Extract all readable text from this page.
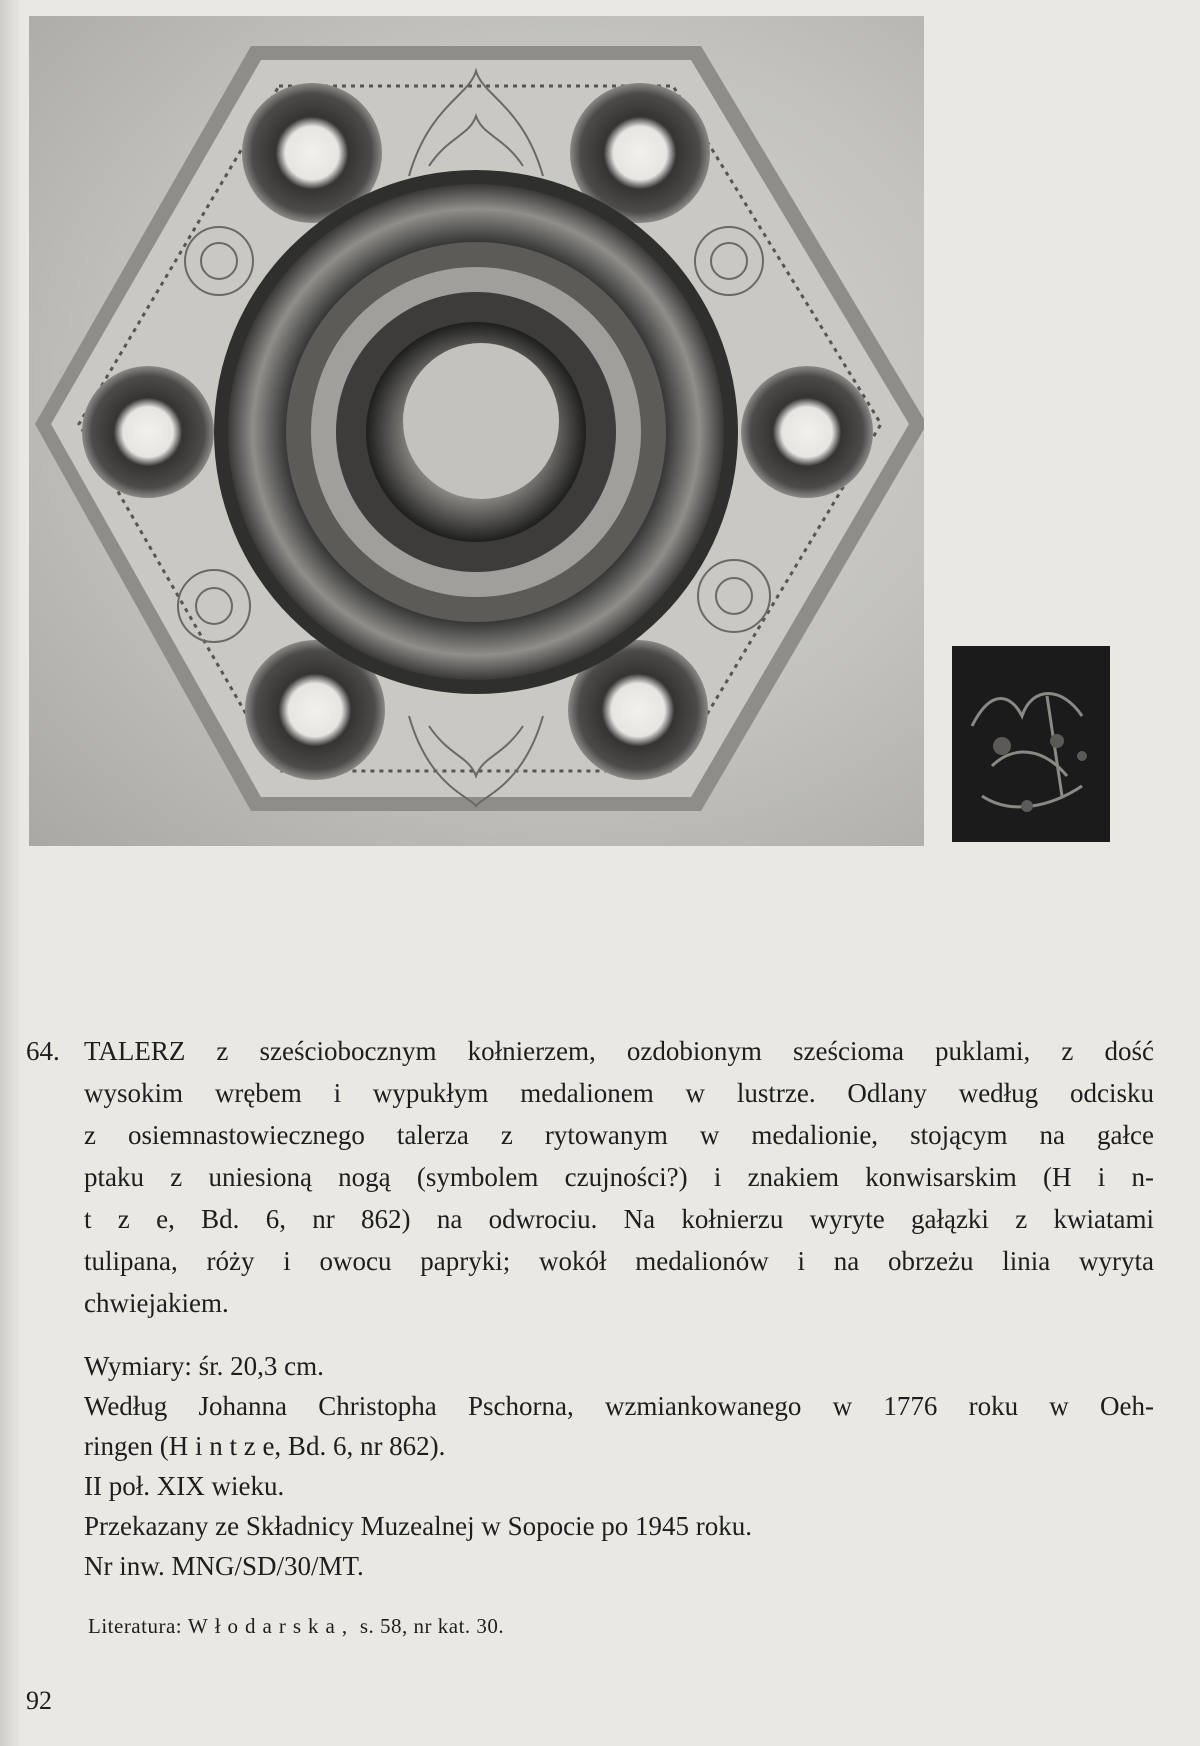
64. TALERZ z sześciobocznym kołnierzem, ozdobionym sześcioma puklami, z dość
wysokim wrębem i wypukłym medalionem w lustrze. Odlany według odcisku
z osiemnastowiecznego talerza z rytowanym w medalionie, stojącym na gałce
ptaku z uniesioną nogą (symbolem czujności?) i znakiem konwisarskim (H i n-
t z e, Bd. 6, nr 862) na odwrociu. Na kołnierzu wyryte gałązki z kwiatami
tulipana, róży i owocu papryki; wokół medalionów i na obrzeżu linia wyryta
chwiejakiem.
Wymiary: śr. 20,3 cm.
Według Johanna Christopha Pschorna, wzmiankowanego w 1776 roku w Oeh-
ringen (H i n t z e, Bd. 6, nr 862).
II poł. XIX wieku.
Przekazany ze Składnicy Muzealnej w Sopocie po 1945 roku.
Nr inw. MNG/SD/30/MT.
Literatura: Włodarska, s. 58, nr kat. 30.
92
